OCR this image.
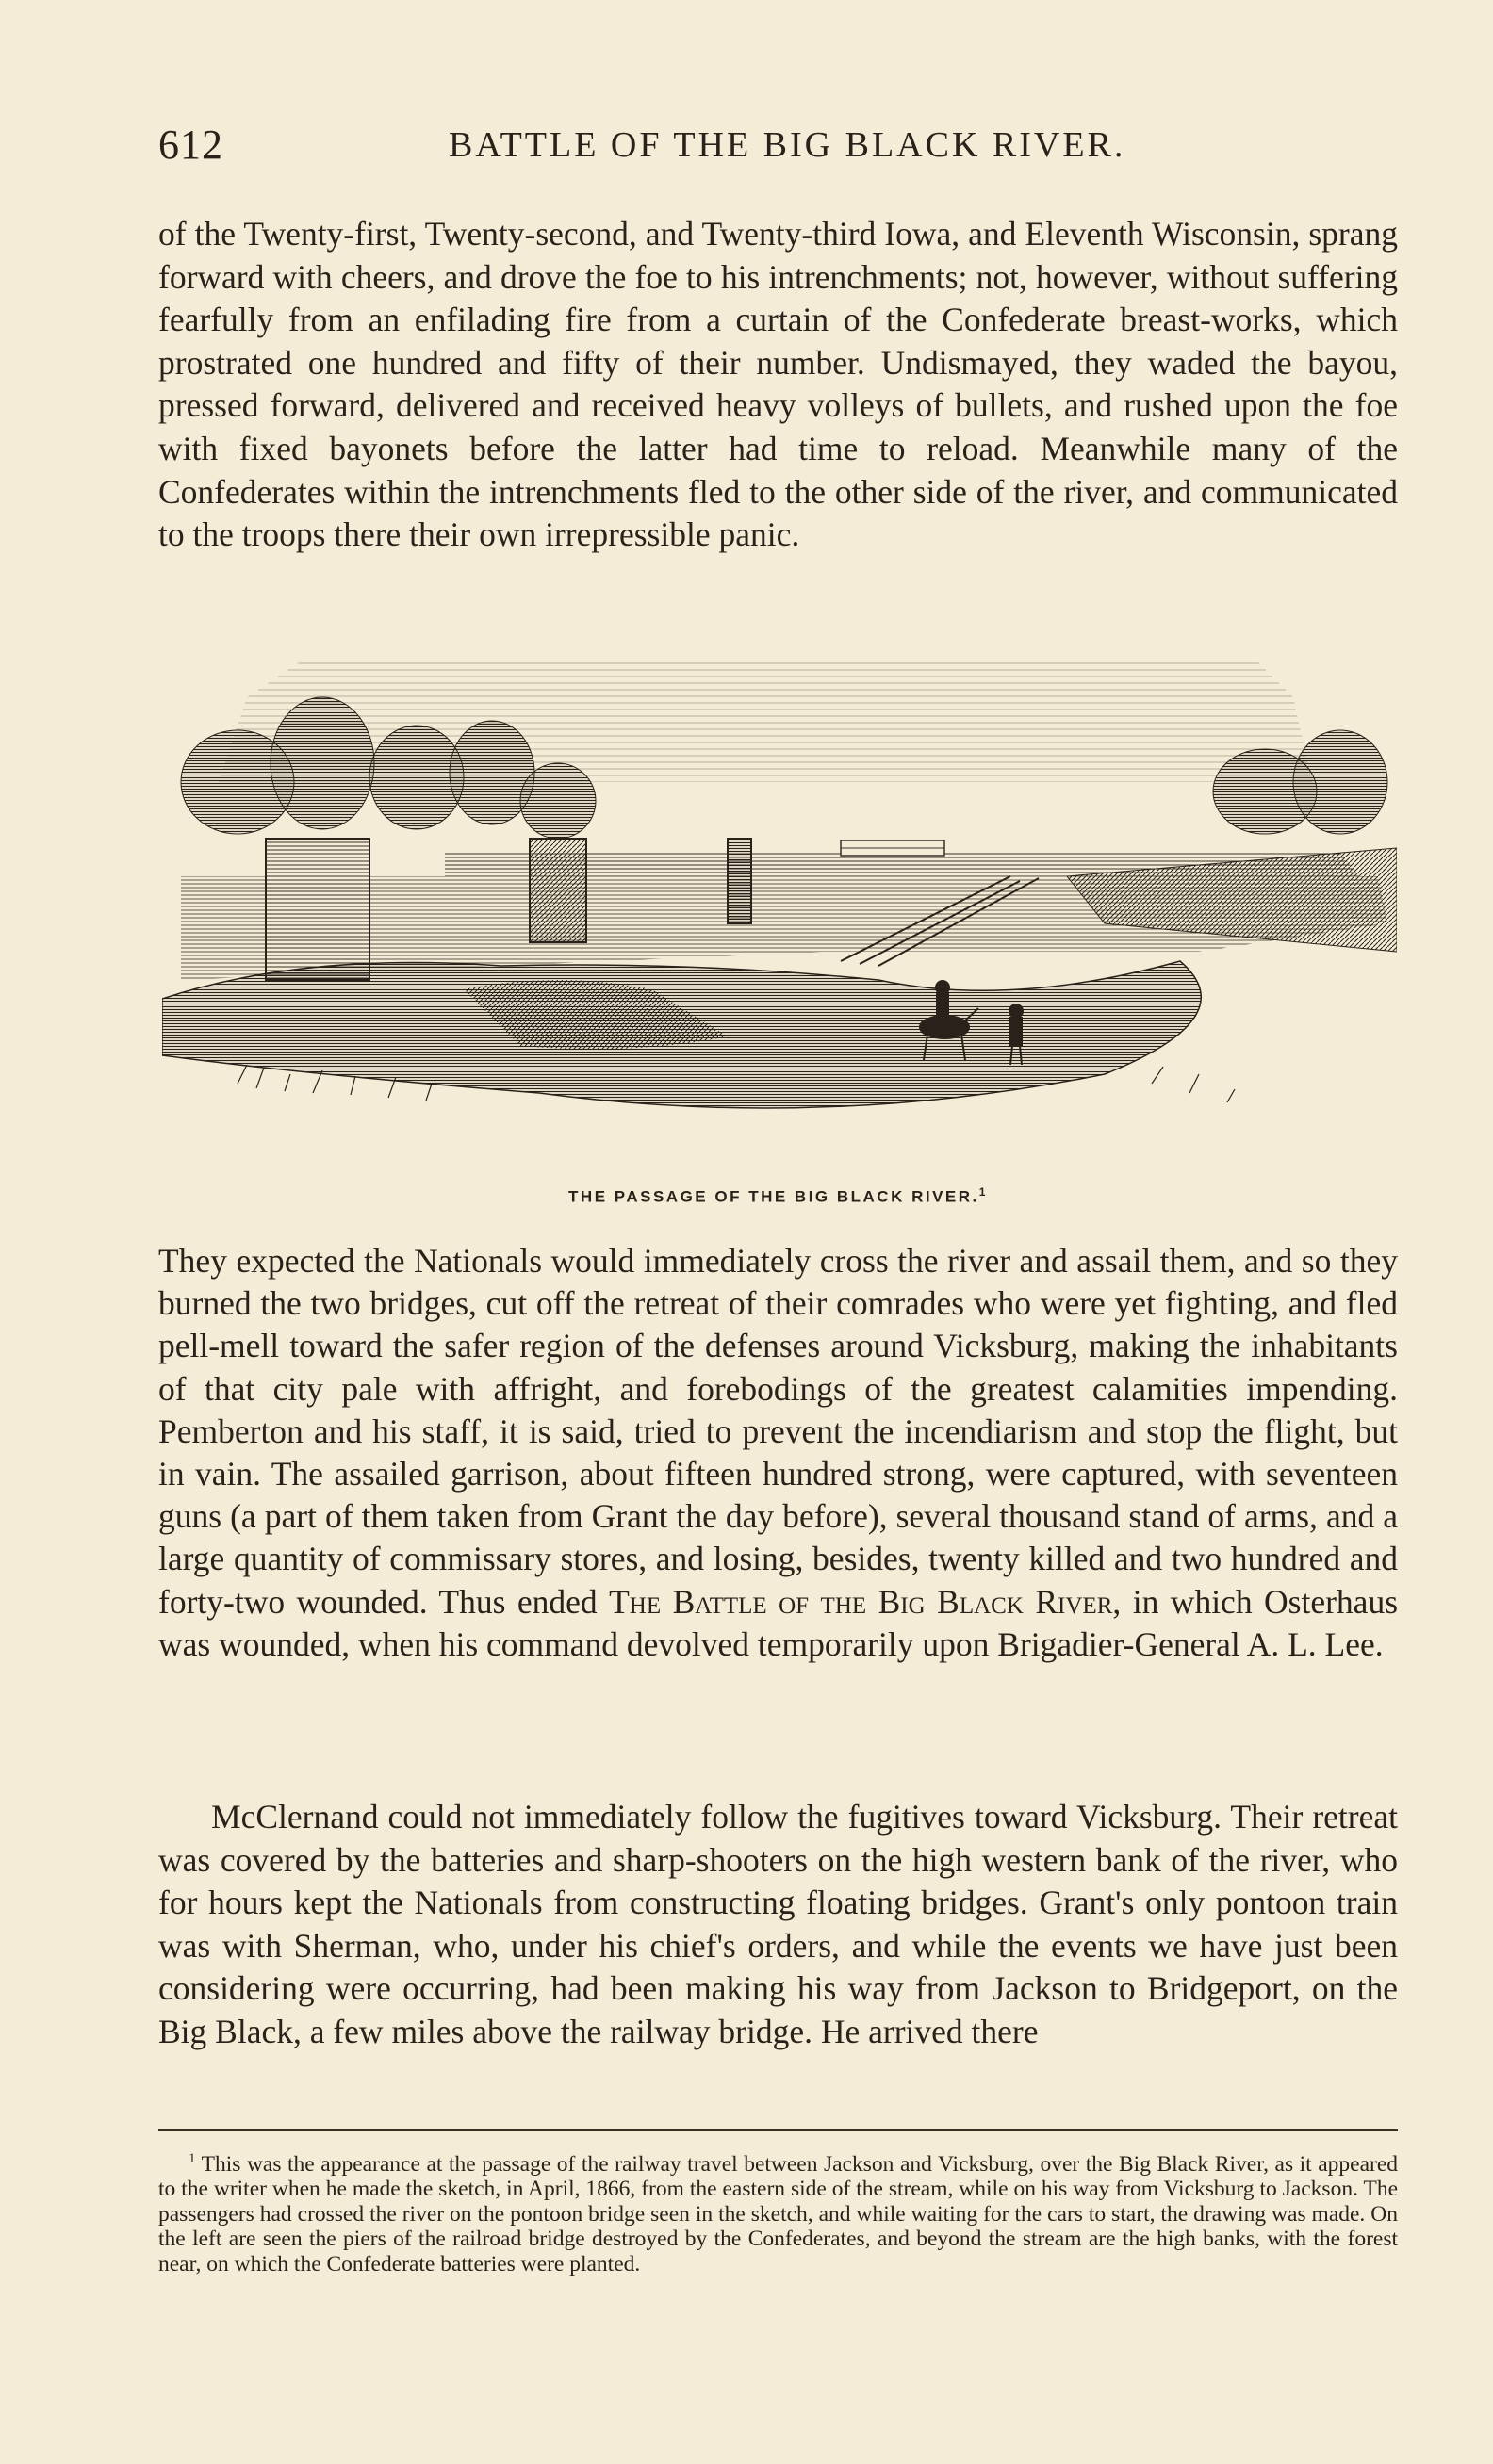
612	BATTLE OF THE BIG BLACK RIVER.

of the Twenty-first, Twenty-second, and Twenty-third Iowa, and Eleventh Wisconsin, sprang forward with cheers, and drove the foe to his intrenchments; not, however, without suffering fearfully from an enfilading fire from a curtain of the Confederate breast-works, which prostrated one hundred and fifty of their number. Undismayed, they waded the bayou, pressed forward, delivered and received heavy volleys of bullets, and rushed upon the foe with fixed bayonets before the latter had time to reload. Meanwhile many of the Confederates within the intrenchments fled to the other side of the river, and communicated to the troops there their own irrepressible panic.

THE PASSAGE OF THE BIG BLACK RIVER.$^1$

They expected the Nationals would immediately cross the river and assail them, and so they burned the two bridges, cut off the retreat of their comrades who were yet fighting, and fled pell-mell toward the safer region of the defenses around Vicksburg, making the inhabitants of that city pale with affright, and forebodings of the greatest calamities impending. Pemberton and his staff, it is said, tried to prevent the incendiarism and stop the flight, but in vain. The assailed garrison, about fifteen hundred strong, were captured, with seventeen guns (a part of them taken from Grant the day before), several thousand stand of arms, and a large quantity of commissary stores, and losing, besides, twenty killed and two hundred and forty-two wounded. Thus ended The Battle of the Big Black River, in which Osterhaus was wounded, when his command devolved temporarily upon Brigadier-General A. L. Lee.

McClernand could not immediately follow the fugitives toward Vicksburg. Their retreat was covered by the batteries and sharp-shooters on the high western bank of the river, who for hours kept the Nationals from constructing floating bridges. Grant's only pontoon train was with Sherman, who, under his chief's orders, and while the events we have just been considering were occurring, had been making his way from Jackson to Bridgeport, on the Big Black, a few miles above the railway bridge. He arrived there

$^1$ This was the appearance at the passage of the railway travel between Jackson and Vicksburg, over the Big Black River, as it appeared to the writer when he made the sketch, in April, 1866, from the eastern side of the stream, while on his way from Vicksburg to Jackson. The passengers had crossed the river on the pontoon bridge seen in the sketch, and while waiting for the cars to start, the drawing was made. On the left are seen the piers of the railroad bridge destroyed by the Confederates, and beyond the stream are the high banks, with the forest near, on which the Confederate batteries were planted.
